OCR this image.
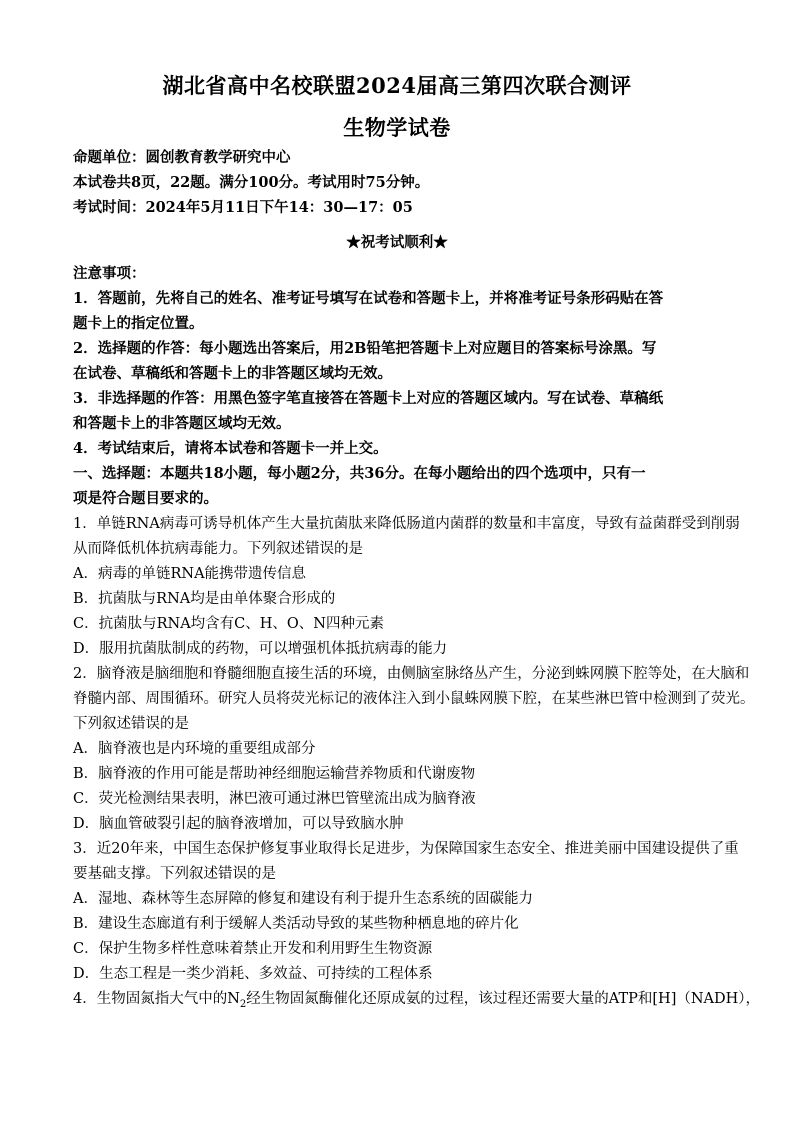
湖北省高中名校联盟2024届高三第四次联合测评
生物学试卷
命题单位：圆创教育教学研究中心
本试卷共8页，22题。满分100分。考试用时75分钟。
考试时间：2024年5月11日下午14：30—17：05
★祝考试顺利★
注意事项：
1．答题前，先将自己的姓名、准考证号填写在试卷和答题卡上，并将准考证号条形码贴在答
题卡上的指定位置。
2．选择题的作答：每小题选出答案后，用2B铅笔把答题卡上对应题目的答案标号涂黑。写
在试卷、草稿纸和答题卡上的非答题区域均无效。
3．非选择题的作答：用黑色签字笔直接答在答题卡上对应的答题区域内。写在试卷、草稿纸
和答题卡上的非答题区域均无效。
4．考试结束后，请将本试卷和答题卡一并上交。
一、选择题：本题共18小题，每小题2分，共36分。在每小题给出的四个选项中，只有一
项是符合题目要求的。
1．单链RNA病毒可诱导机体产生大量抗菌肽来降低肠道内菌群的数量和丰富度，导致有益菌群受到削弱
从而降低机体抗病毒能力。下列叙述错误的是
A．病毒的单链RNA能携带遗传信息
B．抗菌肽与RNA均是由单体聚合形成的
C．抗菌肽与RNA均含有C、H、O、N四种元素
D．服用抗菌肽制成的药物，可以增强机体抵抗病毒的能力
2．脑脊液是脑细胞和脊髓细胞直接生活的环境，由侧脑室脉络丛产生，分泌到蛛网膜下腔等处，在大脑和
脊髓内部、周围循环。研究人员将荧光标记的液体注入到小鼠蛛网膜下腔，在某些淋巴管中检测到了荧光。
下列叙述错误的是
A．脑脊液也是内环境的重要组成部分
B．脑脊液的作用可能是帮助神经细胞运输营养物质和代谢废物
C．荧光检测结果表明，淋巴液可通过淋巴管壁流出成为脑脊液
D．脑血管破裂引起的脑脊液增加，可以导致脑水肿
3．近20年来，中国生态保护修复事业取得长足进步，为保障国家生态安全、推进美丽中国建设提供了重
要基础支撑。下列叙述错误的是
A．湿地、森林等生态屏障的修复和建设有利于提升生态系统的固碳能力
B．建设生态廊道有利于缓解人类活动导致的某些物种栖息地的碎片化
C．保护生物多样性意味着禁止开发和利用野生生物资源
D．生态工程是一类少消耗、多效益、可持续的工程体系
4．生物固氮指大气中的$N_2$经生物固氮酶催化还原成氨的过程，该过程还需要大量的ATP和[H]（NADH），
